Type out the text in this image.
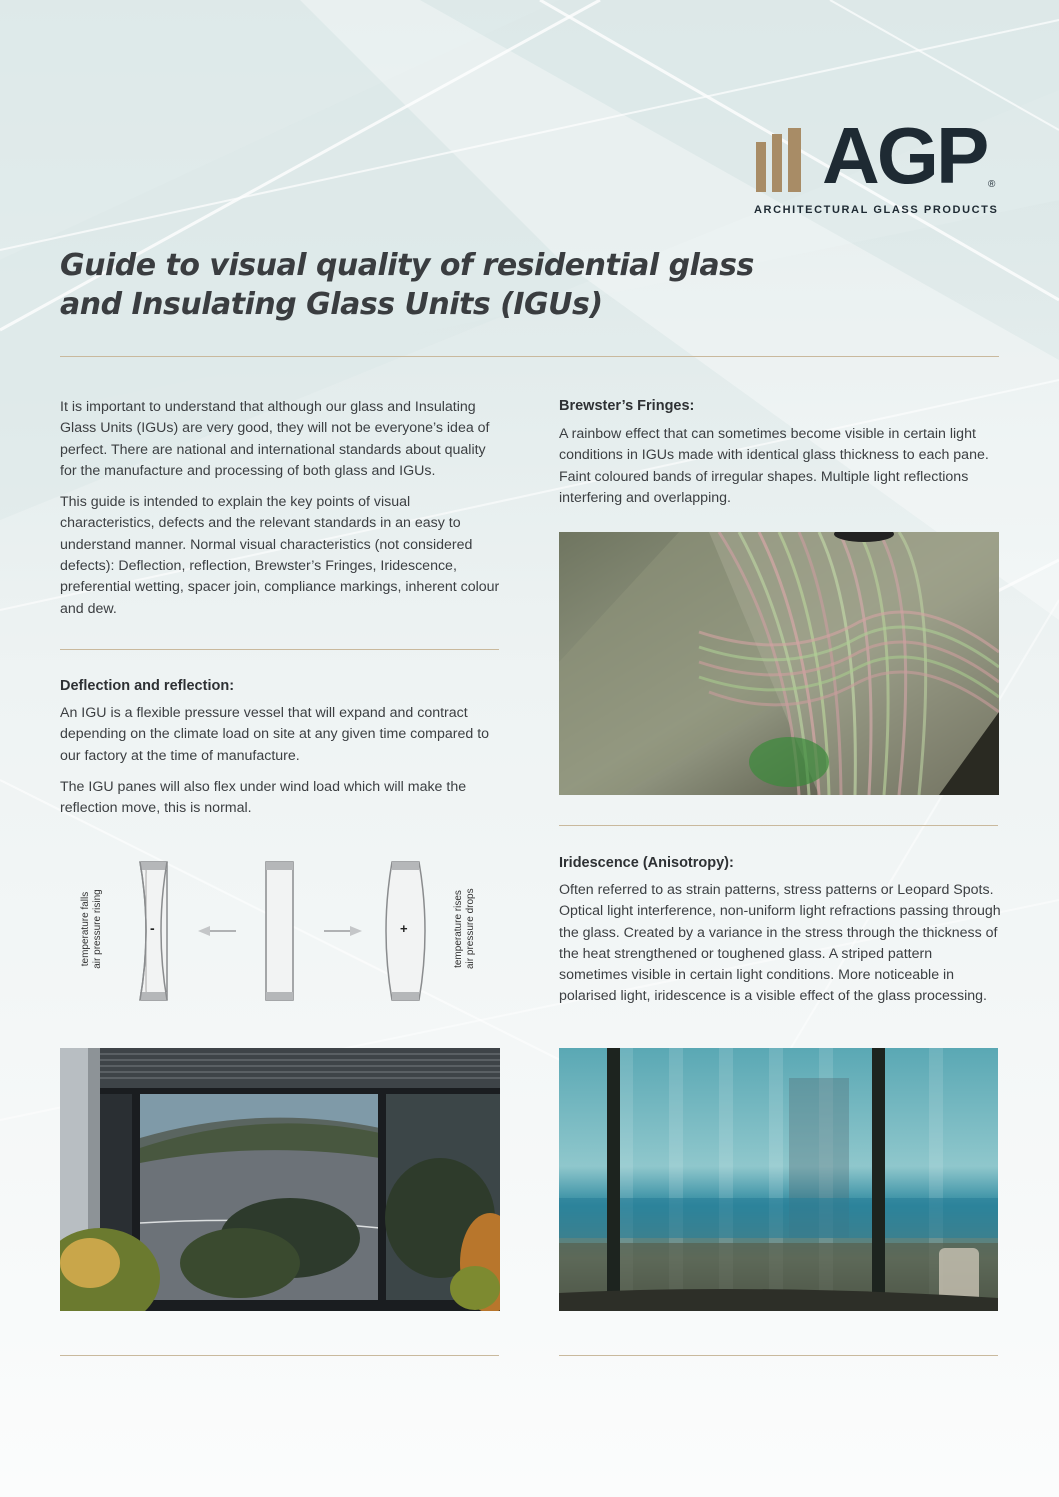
AGP ®
ARCHITECTURAL GLASS PRODUCTS
Guide to visual quality of residential glass
and Insulating Glass Units (IGUs)

It is important to understand that although our glass and Insulating Glass Units (IGUs) are very good, they will not be everyone’s idea of perfect. There are national and international standards about quality for the manufacture and processing of both glass and IGUs.

This guide is intended to explain the key points of visual characteristics, defects and the relevant standards in an easy to understand manner. Normal visual characteristics (not considered defects): Deflection, reflection, Brewster’s Fringes, Iridescence, preferential wetting, spacer join, compliance markings, inherent colour and dew.

Deflection and reflection:

An IGU is a flexible pressure vessel that will expand and contract depending on the climate load on site at any given time compared to our factory at the time of manufacture.

The IGU panes will also flex under wind load which will make the reflection move, this is normal.

temperature falls
air pressure rising	-	+	temperature rises
air pressure drops
Brewster’s Fringes:

A rainbow effect that can sometimes become visible in certain light conditions in IGUs made with identical glass thickness to each pane. Faint coloured bands of irregular shapes. Multiple light reflections interfering and overlapping.

Iridescence (Anisotropy):

Often referred to as strain patterns, stress patterns or Leopard Spots. Optical light interference, non-uniform light refractions passing through the glass. Created by a variance in the stress through the thickness of the heat strengthened or toughened glass. A striped pattern sometimes visible in certain light conditions. More noticeable in polarised light, iridescence is a visible effect of the glass processing.
